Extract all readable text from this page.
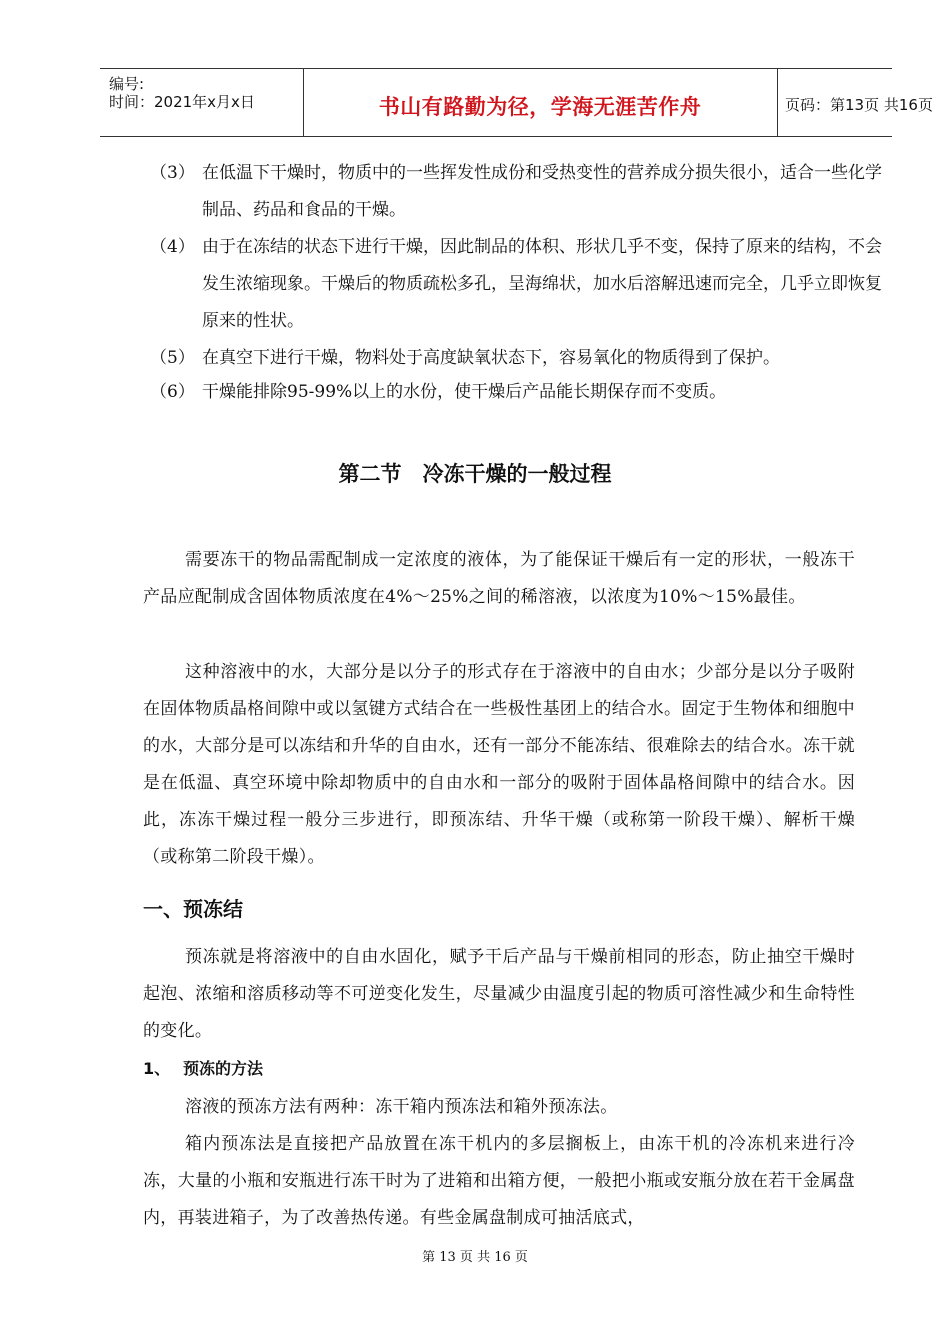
编号:
时间：2021年x月x日	书山有路勤为径，学海无涯苦作舟	页码：第13页 共16页
（3） 在低温下干燥时，物质中的一些挥发性成份和受热变性的营养成分损失很小，适合一些化学制品、药品和食品的干燥。
（4） 由于在冻结的状态下进行干燥，因此制品的体积、形状几乎不变，保持了原来的结构，不会发生浓缩现象。干燥后的物质疏松多孔，呈海绵状，加水后溶解迅速而完全，几乎立即恢复原来的性状。
（5） 在真空下进行干燥，物料处于高度缺氧状态下，容易氧化的物质得到了保护。
（6） 干燥能排除95-99%以上的水份，使干燥后产品能长期保存而不变质。
第二节　冷冻干燥的一般过程
需要冻干的物品需配制成一定浓度的液体，为了能保证干燥后有一定的形状，一般冻干产品应配制成含固体物质浓度在4%～25%之间的稀溶液，以浓度为10%～15%最佳。
这种溶液中的水，大部分是以分子的形式存在于溶液中的自由水；少部分是以分子吸附在固体物质晶格间隙中或以氢键方式结合在一些极性基团上的结合水。固定于生物体和细胞中的水，大部分是可以冻结和升华的自由水，还有一部分不能冻结、很难除去的结合水。冻干就是在低温、真空环境中除却物质中的自由水和一部分的吸附于固体晶格间隙中的结合水。因此，冻冻干燥过程一般分三步进行，即预冻结、升华干燥（或称第一阶段干燥）、解析干燥（或称第二阶段干燥）。
一、预冻结
预冻就是将溶液中的自由水固化，赋予干后产品与干燥前相同的形态，防止抽空干燥时起泡、浓缩和溶质移动等不可逆变化发生，尽量减少由温度引起的物质可溶性减少和生命特性的变化。
1、 预冻的方法
溶液的预冻方法有两种：冻干箱内预冻法和箱外预冻法。
箱内预冻法是直接把产品放置在冻干机内的多层搁板上，由冻干机的冷冻机来进行冷冻，大量的小瓶和安瓶进行冻干时为了进箱和出箱方便，一般把小瓶或安瓶分放在若干金属盘内，再装进箱子，为了改善热传递。有些金属盘制成可抽活底式，
第 13 页 共 16 页
